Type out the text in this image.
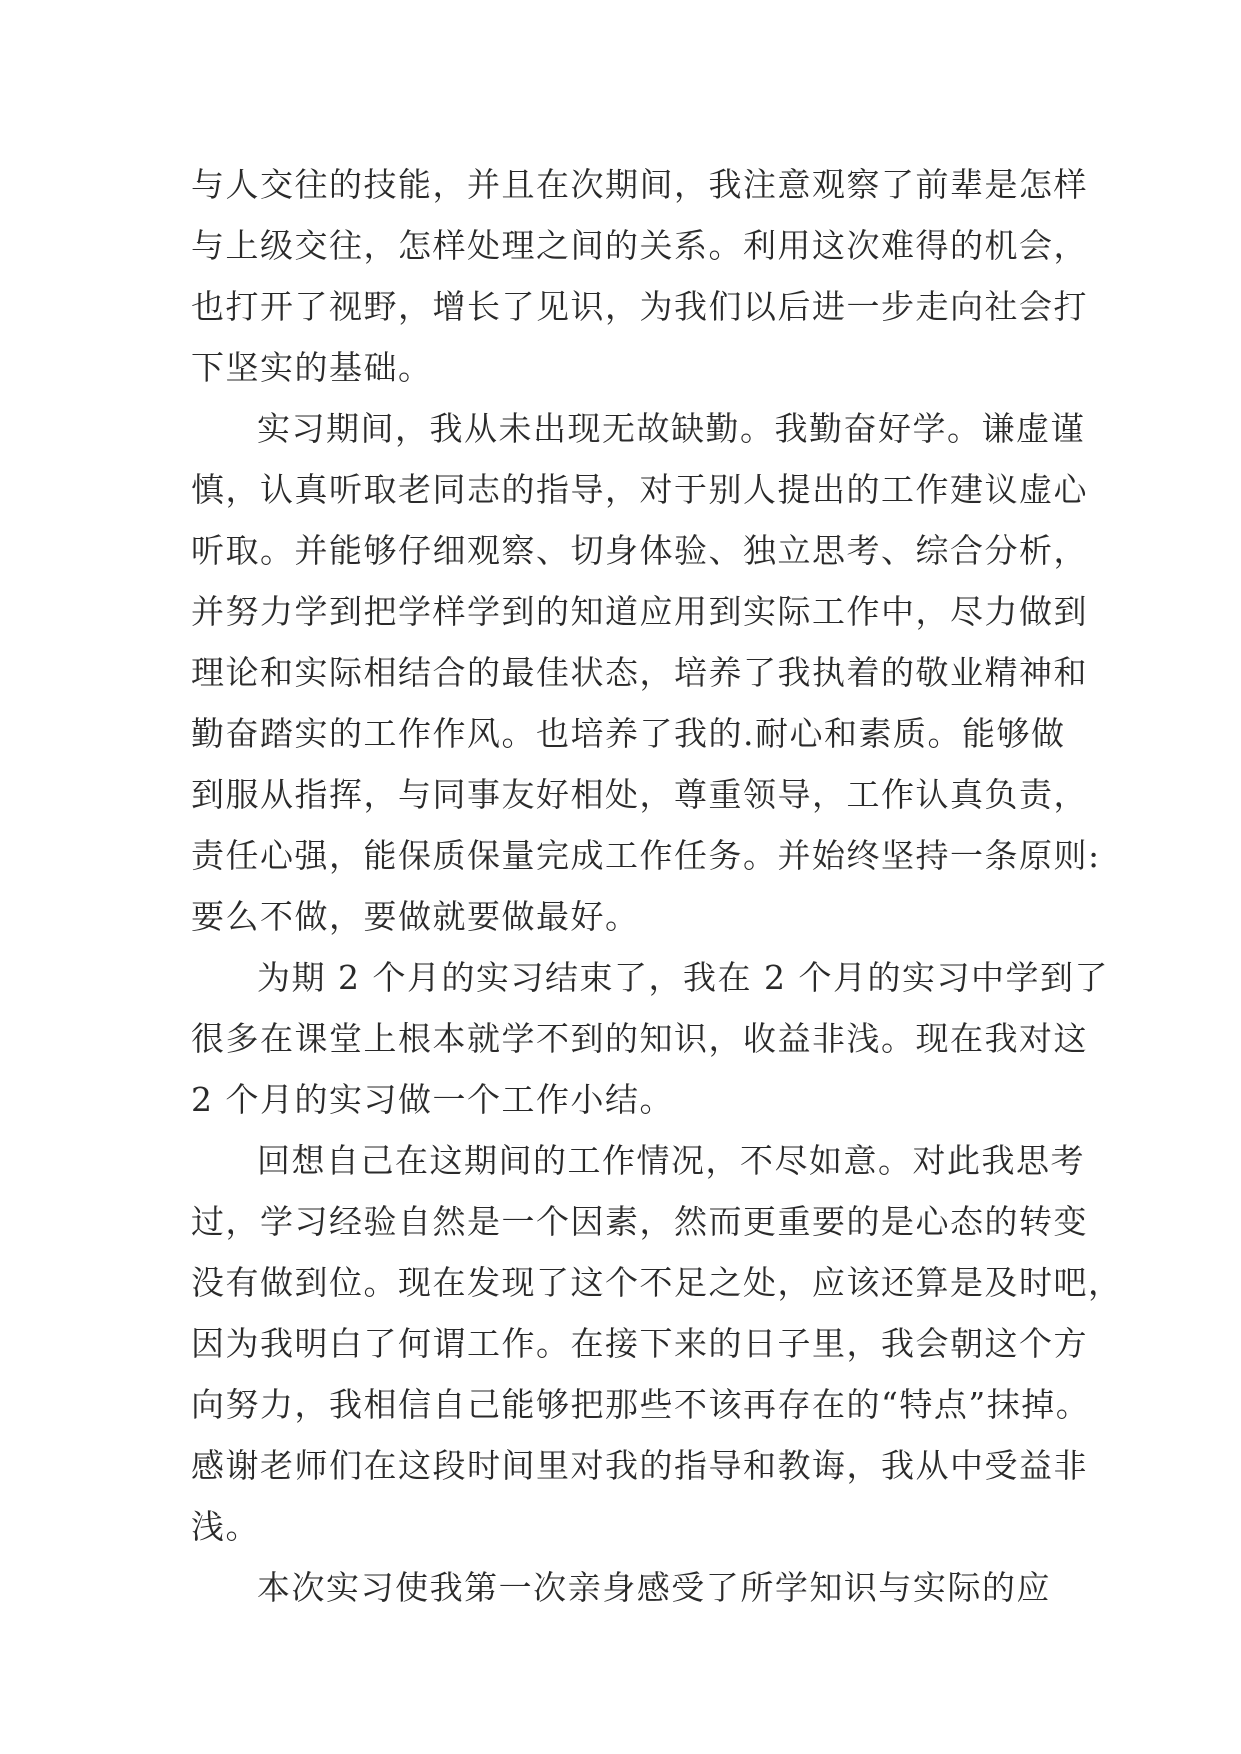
与人交往的技能，并且在次期间，我注意观察了前辈是怎样
与上级交往，怎样处理之间的关系。利用这次难得的机会，
也打开了视野，增长了见识，为我们以后进一步走向社会打
下坚实的基础。
实习期间，我从未出现无故缺勤。我勤奋好学。谦虚谨
慎，认真听取老同志的指导，对于别人提出的工作建议虚心
听取。并能够仔细观察、切身体验、独立思考、综合分析，
并努力学到把学样学到的知道应用到实际工作中，尽力做到
理论和实际相结合的最佳状态，培养了我执着的敬业精神和
勤奋踏实的工作作风。也培养了我的.耐心和素质。能够做
到服从指挥，与同事友好相处，尊重领导，工作认真负责，
责任心强，能保质保量完成工作任务。并始终坚持一条原则:
要么不做，要做就要做最好。
为期 2 个月的实习结束了，我在 2 个月的实习中学到了
很多在课堂上根本就学不到的知识，收益非浅。现在我对这
2 个月的实习做一个工作小结。
回想自己在这期间的工作情况，不尽如意。对此我思考
过，学习经验自然是一个因素，然而更重要的是心态的转变
没有做到位。现在发现了这个不足之处，应该还算是及时吧，
因为我明白了何谓工作。在接下来的日子里，我会朝这个方
向努力，我相信自己能够把那些不该再存在的“特点”抹掉。
感谢老师们在这段时间里对我的指导和教诲，我从中受益非
浅。
本次实习使我第一次亲身感受了所学知识与实际的应
